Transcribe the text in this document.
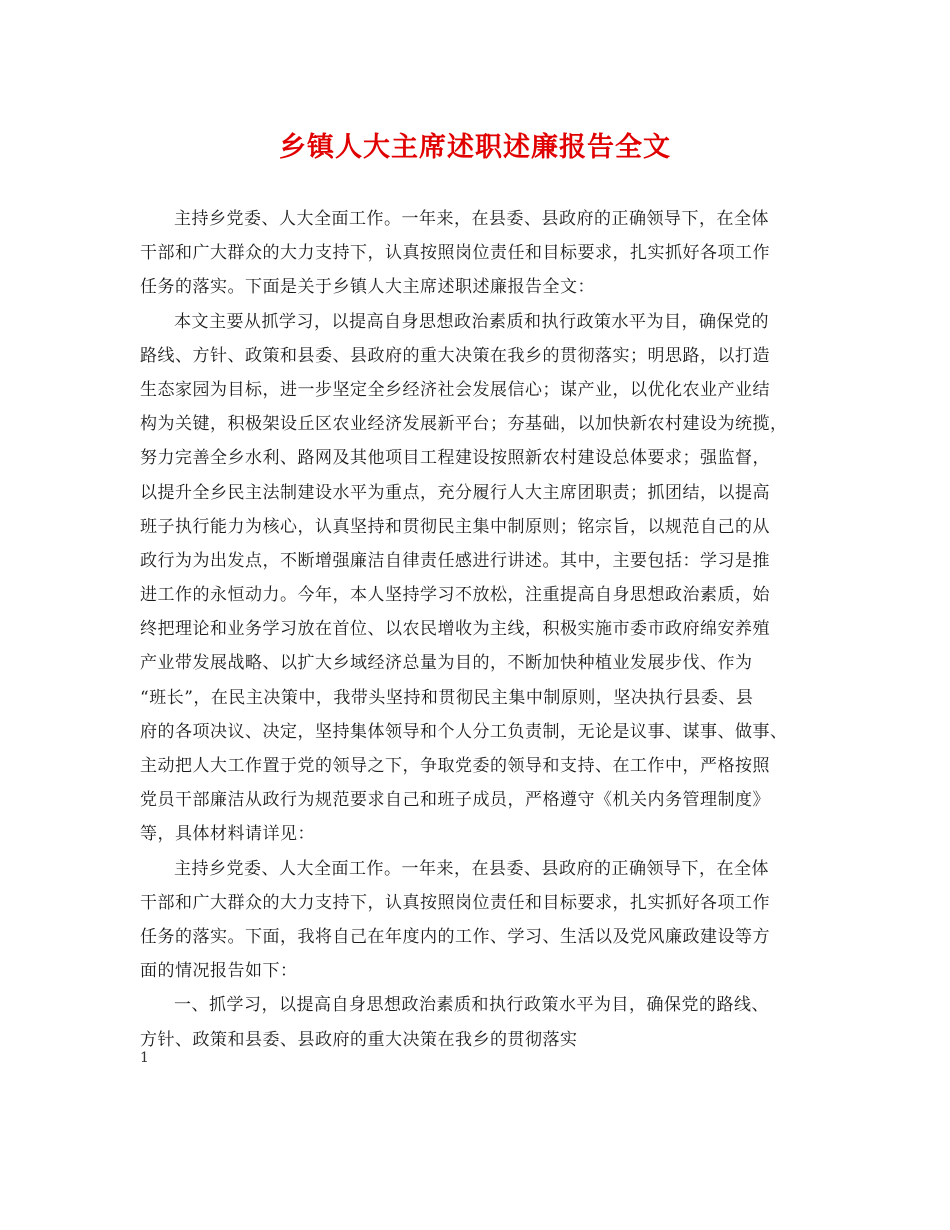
乡镇人大主席述职述廉报告全文
主持乡党委、人大全面工作。一年来，在县委、县政府的正确领导下，在全体
干部和广大群众的大力支持下，认真按照岗位责任和目标要求，扎实抓好各项工作
任务的落实。下面是关于乡镇人大主席述职述廉报告全文：
本文主要从抓学习，以提高自身思想政治素质和执行政策水平为目，确保党的
路线、方针、政策和县委、县政府的重大决策在我乡的贯彻落实；明思路，以打造
生态家园为目标，进一步坚定全乡经济社会发展信心；谋产业，以优化农业产业结
构为关键，积极架设丘区农业经济发展新平台；夯基础，以加快新农村建设为统揽，
努力完善全乡水利、路网及其他项目工程建设按照新农村建设总体要求；强监督，
以提升全乡民主法制建设水平为重点，充分履行人大主席团职责；抓团结，以提高
班子执行能力为核心，认真坚持和贯彻民主集中制原则；铭宗旨，以规范自己的从
政行为为出发点，不断增强廉洁自律责任感进行讲述。其中，主要包括：学习是推
进工作的永恒动力。今年，本人坚持学习不放松，注重提高自身思想政治素质，始
终把理论和业务学习放在首位、以农民增收为主线，积极实施市委市政府绵安养殖
产业带发展战略、以扩大乡域经济总量为目的，不断加快种植业发展步伐、作为
“班长”，在民主决策中，我带头坚持和贯彻民主集中制原则，坚决执行县委、县
府的各项决议、决定，坚持集体领导和个人分工负责制，无论是议事、谋事、做事、
主动把人大工作置于党的领导之下，争取党委的领导和支持、在工作中，严格按照
党员干部廉洁从政行为规范要求自己和班子成员，严格遵守《机关内务管理制度》
等，具体材料请详见：
主持乡党委、人大全面工作。一年来，在县委、县政府的正确领导下，在全体
干部和广大群众的大力支持下，认真按照岗位责任和目标要求，扎实抓好各项工作
任务的落实。下面，我将自己在年度内的工作、学习、生活以及党风廉政建设等方
面的情况报告如下：
一、抓学习，以提高自身思想政治素质和执行政策水平为目，确保党的路线、
方针、政策和县委、县政府的重大决策在我乡的贯彻落实
1
